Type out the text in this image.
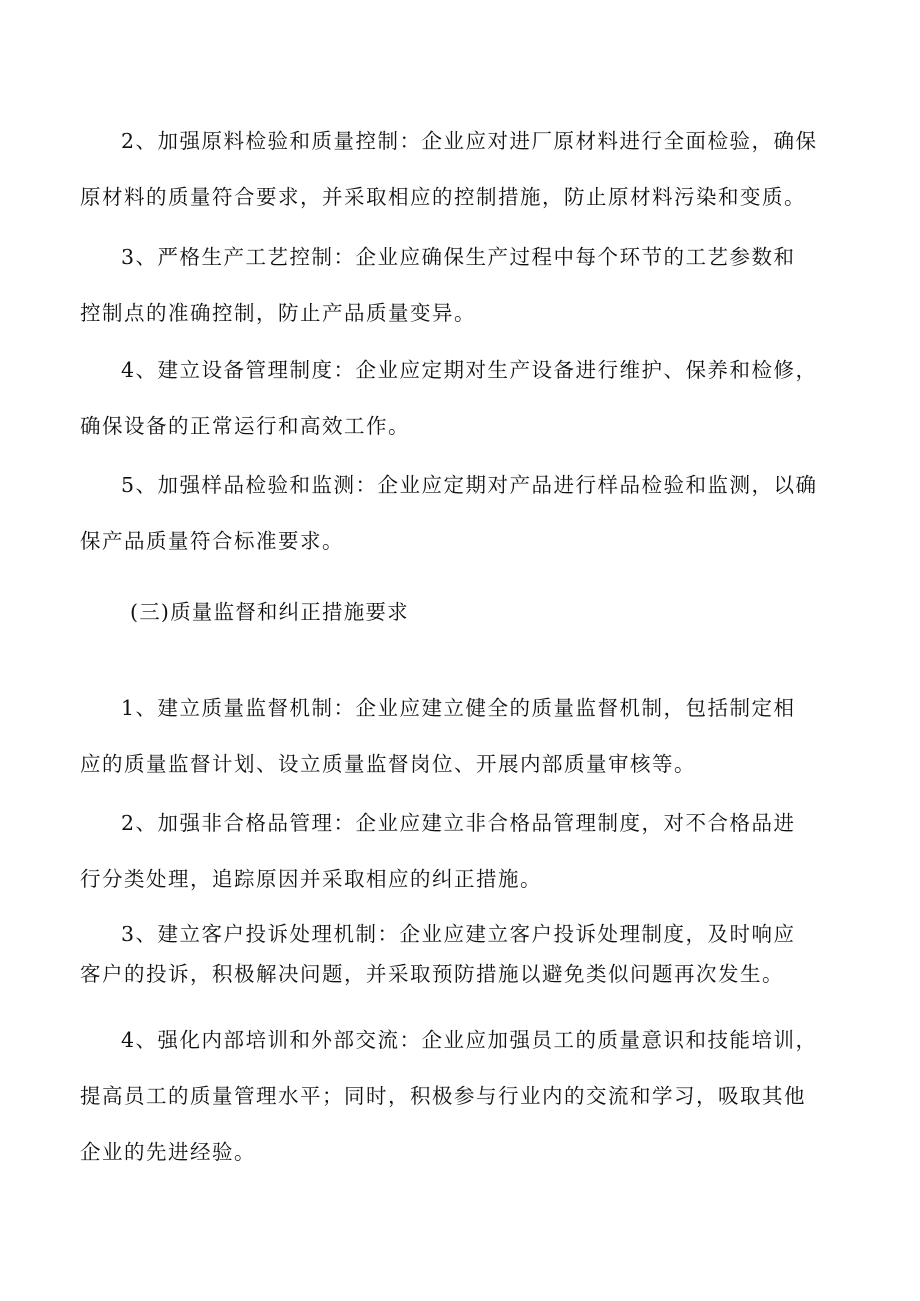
2、加强原料检验和质量控制：企业应对进厂原材料进行全面检验，确保
原材料的质量符合要求，并采取相应的控制措施，防止原材料污染和变质。

3、严格生产工艺控制：企业应确保生产过程中每个环节的工艺参数和
控制点的准确控制，防止产品质量变异。

4、建立设备管理制度：企业应定期对生产设备进行维护、保养和检修，
确保设备的正常运行和高效工作。

5、加强样品检验和监测：企业应定期对产品进行样品检验和监测，以确
保产品质量符合标准要求。

(三)质量监督和纠正措施要求

1、建立质量监督机制：企业应建立健全的质量监督机制，包括制定相
应的质量监督计划、设立质量监督岗位、开展内部质量审核等。

2、加强非合格品管理：企业应建立非合格品管理制度，对不合格品进
行分类处理，追踪原因并采取相应的纠正措施。

3、建立客户投诉处理机制：企业应建立客户投诉处理制度，及时响应
客户的投诉，积极解决问题，并采取预防措施以避免类似问题再次发生。

4、强化内部培训和外部交流：企业应加强员工的质量意识和技能培训，
提高员工的质量管理水平；同时，积极参与行业内的交流和学习，吸取其他
企业的先进经验。
